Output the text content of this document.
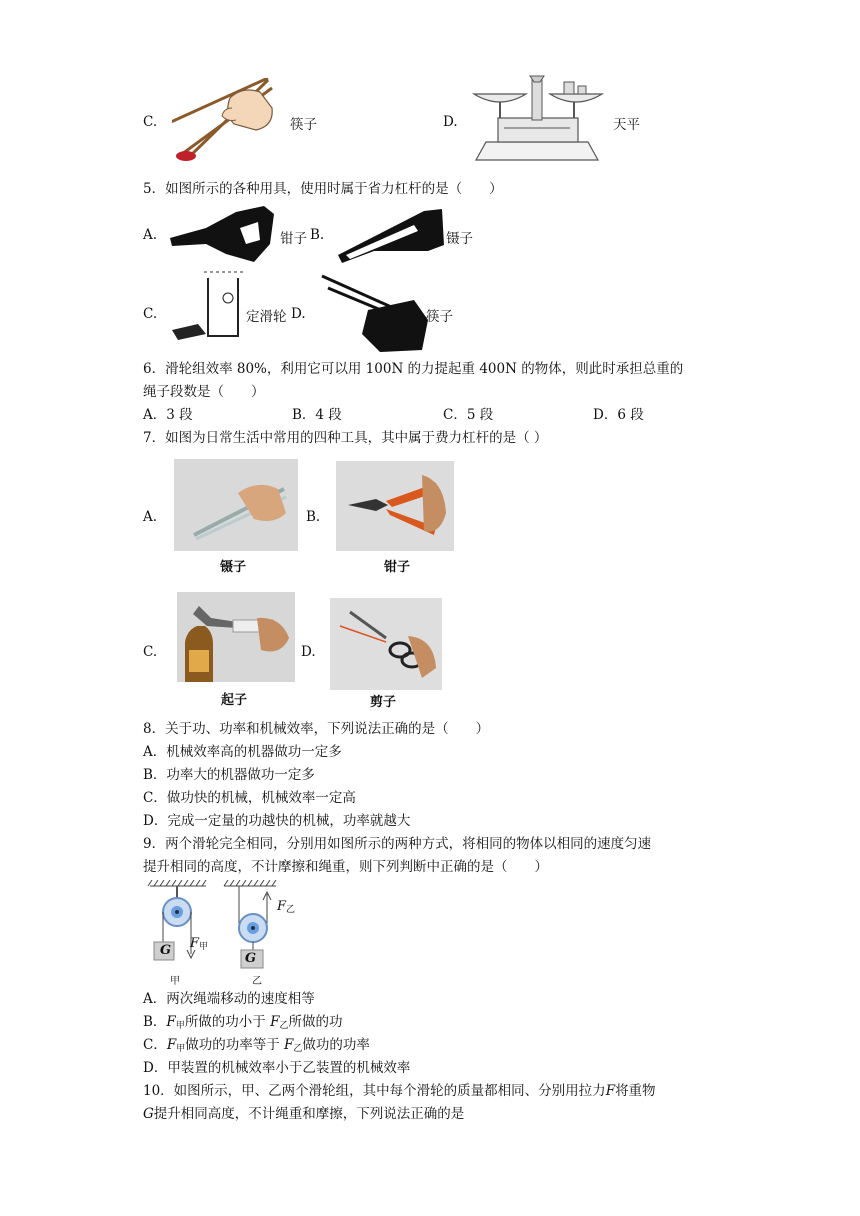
C.	筷子	D.	天平
5．如图所示的各种用具，使用时属于省力杠杆的是（　　）
A.	钳子 B.	镊子
C.	定滑轮 D.	筷子
6．滑轮组效率 80%，利用它可以用 100N 的力提起重 400N 的物体，则此时承担总重的
绳子段数是（　　）
A．3 段	B．4 段	C．5 段	D．6 段
7．如图为日常生活中常用的四种工具，其中属于费力杠杆的是（ ）
A.	B.
镊子	钳子
C.	D.
起子	剪子
8．关于功、功率和机械效率，下列说法正确的是（　　）
A．机械效率高的机器做功一定多
B．功率大的机器做功一定多
C．做功快的机械，机械效率一定高
D．完成一定量的功越快的机械，功率就越大
9．两个滑轮完全相同，分别用如图所示的两种方式，将相同的物体以相同的速度匀速
提升相同的高度，不计摩擦和绳重，则下列判断中正确的是（　　）
G $F_甲$
G
$F_乙$
甲	乙
A．两次绳端移动的速度相等
B．$F_甲$所做的功小于 $F_乙$所做的功
C．$F_甲$做功的功率等于 $F_乙$做功的功率
D．甲装置的机械效率小于乙装置的机械效率
10．如图所示，甲、乙两个滑轮组，其中每个滑轮的质量都相同、分别用拉力F将重物
G提升相同高度，不计绳重和摩擦，下列说法正确的是
